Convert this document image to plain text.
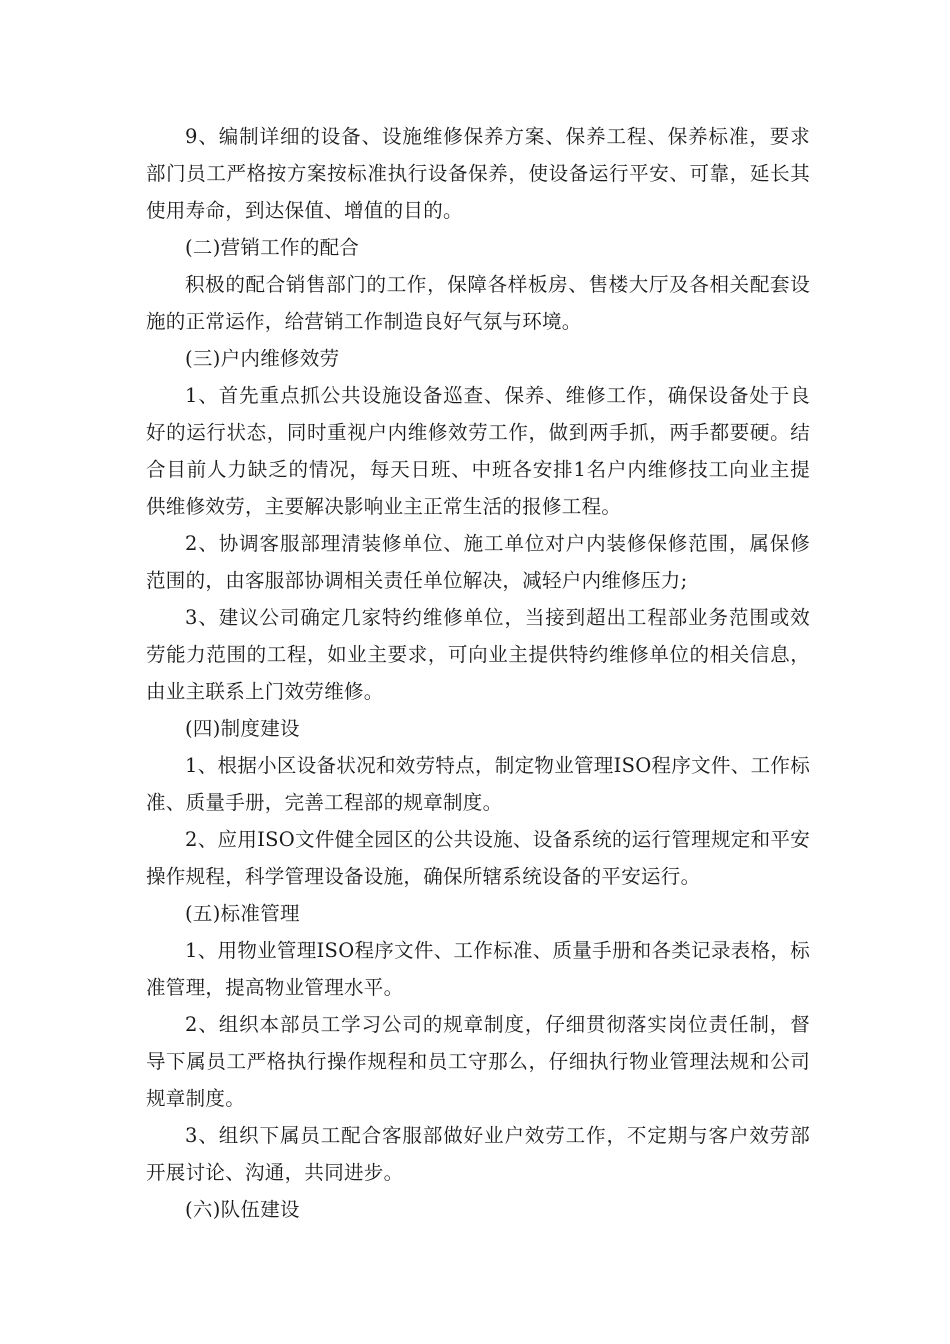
9、编制详细的设备、设施维修保养方案、保养工程、保养标准，要求部门员工严格按方案按标准执行设备保养，使设备运行平安、可靠，延长其使用寿命，到达保值、增值的目的。

(二)营销工作的配合

积极的配合销售部门的工作，保障各样板房、售楼大厅及各相关配套设施的正常运作，给营销工作制造良好气氛与环境。

(三)户内维修效劳

1、首先重点抓公共设施设备巡查、保养、维修工作，确保设备处于良好的运行状态，同时重视户内维修效劳工作，做到两手抓，两手都要硬。结合目前人力缺乏的情况，每天日班、中班各安排1名户内维修技工向业主提供维修效劳，主要解决影响业主正常生活的报修工程。

2、协调客服部理清装修单位、施工单位对户内装修保修范围，属保修范围的，由客服部协调相关责任单位解决，减轻户内维修压力;

3、建议公司确定几家特约维修单位，当接到超出工程部业务范围或效劳能力范围的工程，如业主要求，可向业主提供特约维修单位的相关信息，由业主联系上门效劳维修。

(四)制度建设

1、根据小区设备状况和效劳特点，制定物业管理ISO程序文件、工作标准、质量手册，完善工程部的规章制度。

2、应用ISO文件健全园区的公共设施、设备系统的运行管理规定和平安操作规程，科学管理设备设施，确保所辖系统设备的平安运行。

(五)标准管理

1、用物业管理ISO程序文件、工作标准、质量手册和各类记录表格，标准管理，提高物业管理水平。

2、组织本部员工学习公司的规章制度，仔细贯彻落实岗位责任制，督导下属员工严格执行操作规程和员工守那么，仔细执行物业管理法规和公司规章制度。

3、组织下属员工配合客服部做好业户效劳工作，不定期与客户效劳部开展讨论、沟通，共同进步。

(六)队伍建设
